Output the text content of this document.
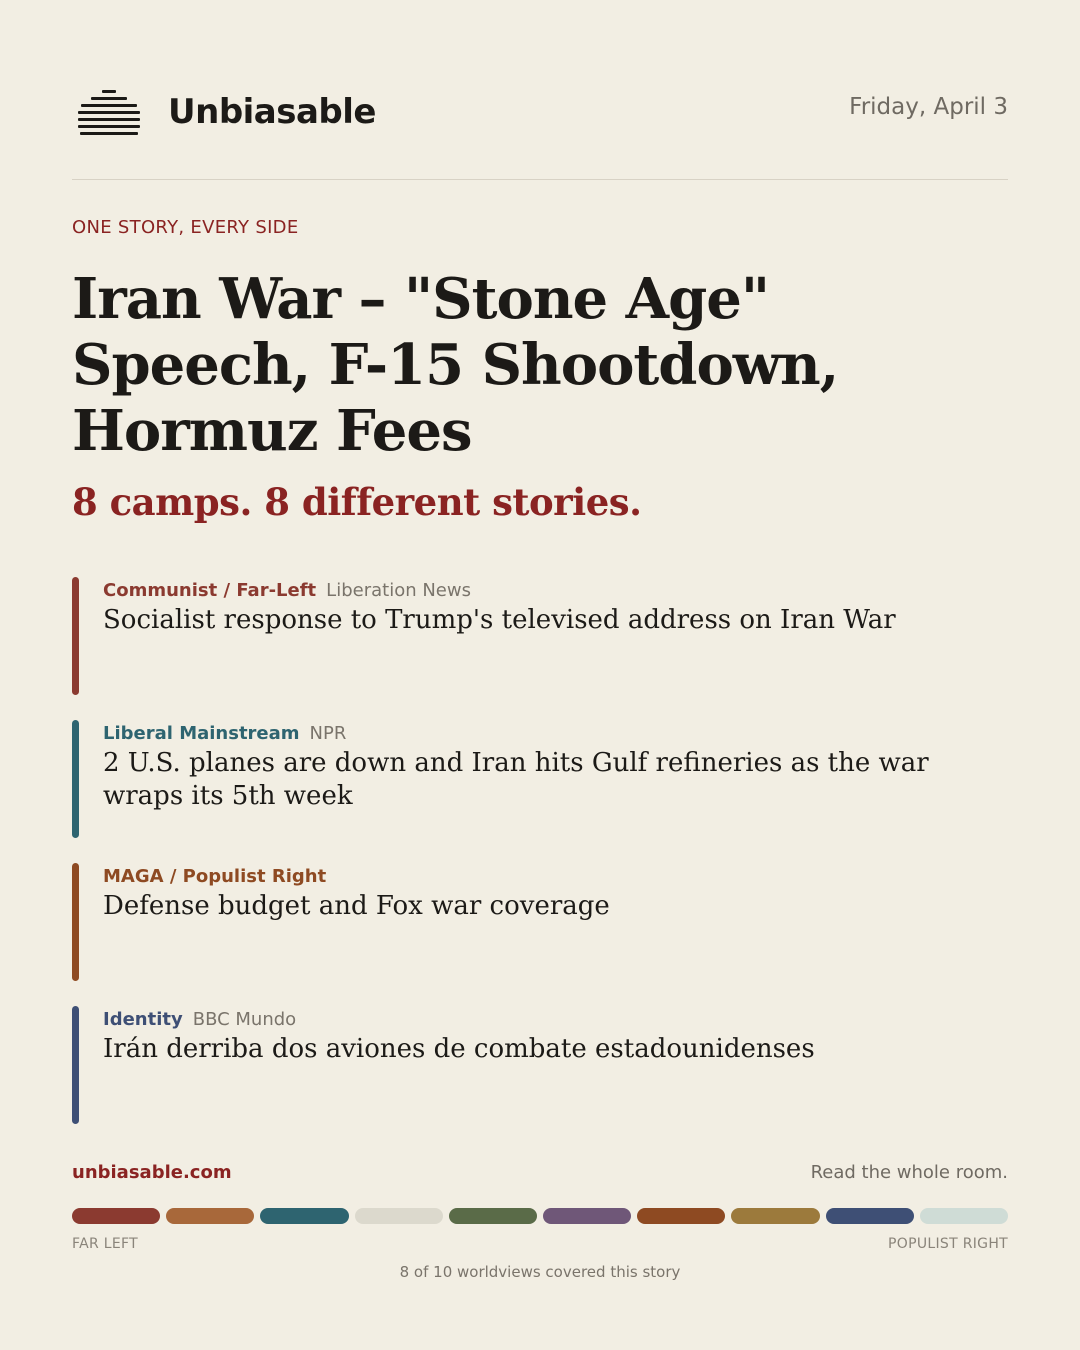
Unbiasable	Friday, April 3
ONE STORY, EVERY SIDE
Iran War – "Stone Age" Speech, F-15 Shootdown, Hormuz Fees
8 camps. 8 different stories.
Communist / Far-Left Liberation News
Socialist response to Trump's televised address on Iran War
Liberal Mainstream NPR
2 U.S. planes are down and Iran hits Gulf refineries as the war wraps its 5th week
MAGA / Populist Right
Defense budget and Fox war coverage
Identity BBC Mundo
Irán derriba dos aviones de combate estadounidenses
unbiasable.com	Read the whole room.
FAR LEFT	POPULIST RIGHT
8 of 10 worldviews covered this story
